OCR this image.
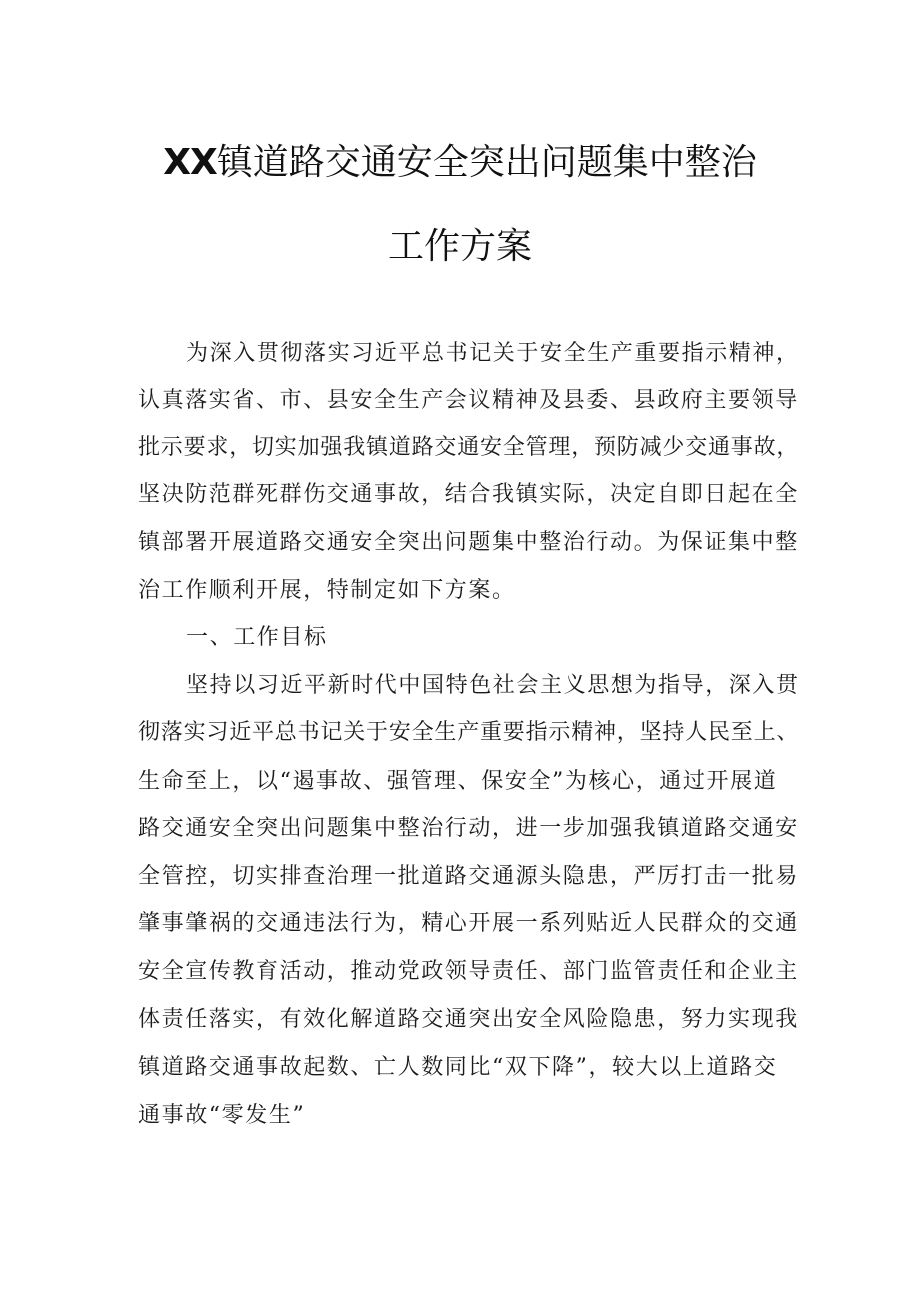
XX镇道路交通安全突出问题集中整治
工作方案
为深入贯彻落实习近平总书记关于安全生产重要指示精神，
认真落实省、市、县安全生产会议精神及县委、县政府主要领导
批示要求，切实加强我镇道路交通安全管理，预防减少交通事故，
坚决防范群死群伤交通事故，结合我镇实际，决定自即日起在全
镇部署开展道路交通安全突出问题集中整治行动。为保证集中整
治工作顺利开展，特制定如下方案。
一、工作目标
坚持以习近平新时代中国特色社会主义思想为指导，深入贯
彻落实习近平总书记关于安全生产重要指示精神，坚持人民至上、
生命至上，以“遏事故、强管理、保安全”为核心，通过开展道
路交通安全突出问题集中整治行动，进一步加强我镇道路交通安
全管控，切实排查治理一批道路交通源头隐患，严厉打击一批易
肇事肇祸的交通违法行为，精心开展一系列贴近人民群众的交通
安全宣传教育活动，推动党政领导责任、部门监管责任和企业主
体责任落实，有效化解道路交通突出安全风险隐患，努力实现我
镇道路交通事故起数、亡人数同比“双下降”，较大以上道路交
通事故“零发生”
